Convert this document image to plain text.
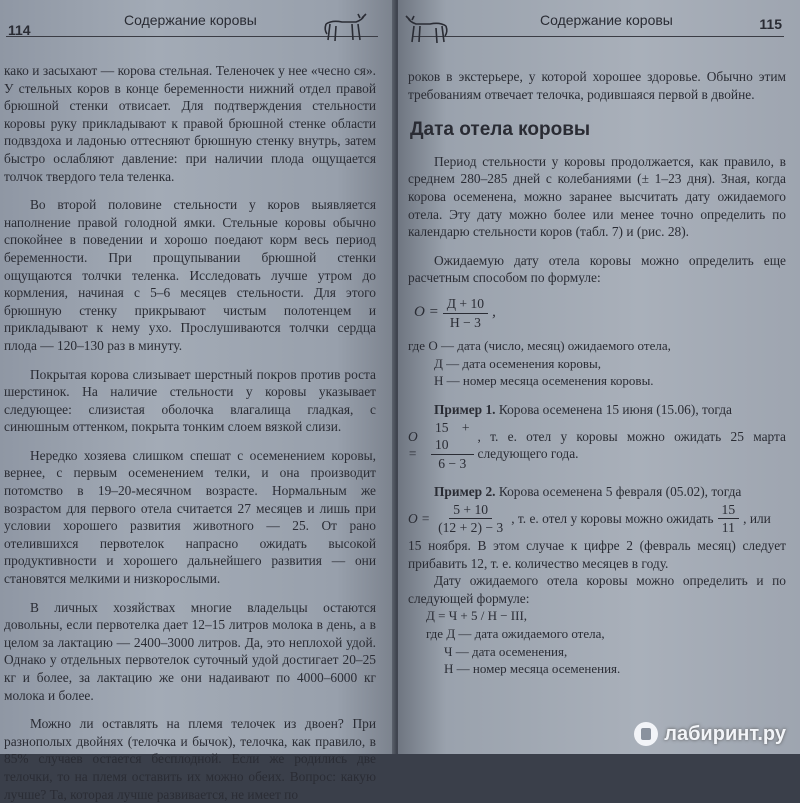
Содержание коровы
114

како и засыхают — корова стельная. Теленочек у нее «чесно ся». У стельных коров в конце беременности нижний отдел правой брюшной стенки отвисает. Для подтверждения стельности коровы руку прикладывают к правой брюшной стенке области подвздоха и ладонью оттесняют брюшную стенку внутрь, затем быстро ослабляют давление: при наличии плода ощущается толчок твердого тела теленка.

Во второй половине стельности у коров выявляется наполнение правой голодной ямки. Стельные коровы обычно спокойнее в поведении и хорошо поедают корм весь период беременности. При прощупывании брюшной стенки ощущаются толчки теленка. Исследовать лучше утром до кормления, начиная с 5–6 месяцев стельности. Для этого брюшную стенку прикрывают чистым полотенцем и прикладывают к нему ухо. Прослушиваются толчки сердца плода — 120–130 раз в минуту.

Покрытая корова слизывает шерстный покров против роста шерстинок. На наличие стельности у коровы указывает следующее: слизистая оболочка влагалища гладкая, с синюшным оттенком, покрыта тонким слоем вязкой слизи.

Нередко хозяева слишком спешат с осеменением коровы, вернее, с первым осеменением телки, и она производит потомство в 19–20-месячном возрасте. Нормальным же возрастом для первого отела считается 27 месяцев и лишь при условии хорошего развития животного — 25. От рано отелившихся первотелок напрасно ожидать высокой продуктивности и хорошего дальнейшего развития — они становятся мелкими и низкорослыми.

В личных хозяйствах многие владельцы остаются довольны, если первотелка дает 12–15 литров молока в день, а в целом за лактацию — 2400–3000 литров. Да, это неплохой удой. Однако у отдельных первотелок суточный удой достигает 20–25 кг и более, за лактацию же они надаивают по 4000–6000 кг молока и более.

Можно ли оставлять на племя телочек из двоен? При разнополых двойнях (телочка и бычок), телочка, как правило, в 85% случаев остается бесплодной. Если же родились две телочки, то на племя оставить их можно обеих. Вопрос: какую лучше? Та, которая лучше развивается, не имеет по

Содержание коровы	115

роков в экстерьере, у которой хорошее здоровье. Обычно этим требованиям отвечает телочка, родившаяся первой в двойне.

Дата отела коровы

Период стельности у коровы продолжается, как правило, в среднем 280–285 дней с колебаниями (± 1–23 дня). Зная, когда корова осеменена, можно заранее высчитать дату ожидаемого отела. Эту дату можно более или менее точно определить по календарю стельности коров (табл. 7) и (рис. 28).

Ожидаемую дату отела коровы можно определить еще расчетным способом по формуле:

$О = \frac{Д + 10}{Н - 3}$ ,

где О — дата (число, месяц) ожидаемого отела,

Д — дата осеменения коровы,

Н — номер месяца осеменения коровы.

Пример 1. Корова осеменена 15 июня (15.06), тогда

О =	$\frac{15 + 10}{6 - 3}$ , т. е. отел у коровы можно ожидать 25 марта следующего года.

Пример 2. Корова осеменена 5 февраля (05.02), тогда

$О = \frac{5 + 10}{(12 + 2) - 3}$ , т. е. отел у коровы можно ожидать $\frac{15}{11}$ , или

15 ноября. В этом случае к цифре 2 (февраль месяц) следует прибавить 12, т. е. количество месяцев в году.

Дату ожидаемого отела коровы можно определить и по следующей формуле:

Д = Ч + 5 / Н − III,

где Д — дата ожидаемого отела,

Ч — дата осеменения,

Н — номер месяца осеменения.

лабиринт.ру
